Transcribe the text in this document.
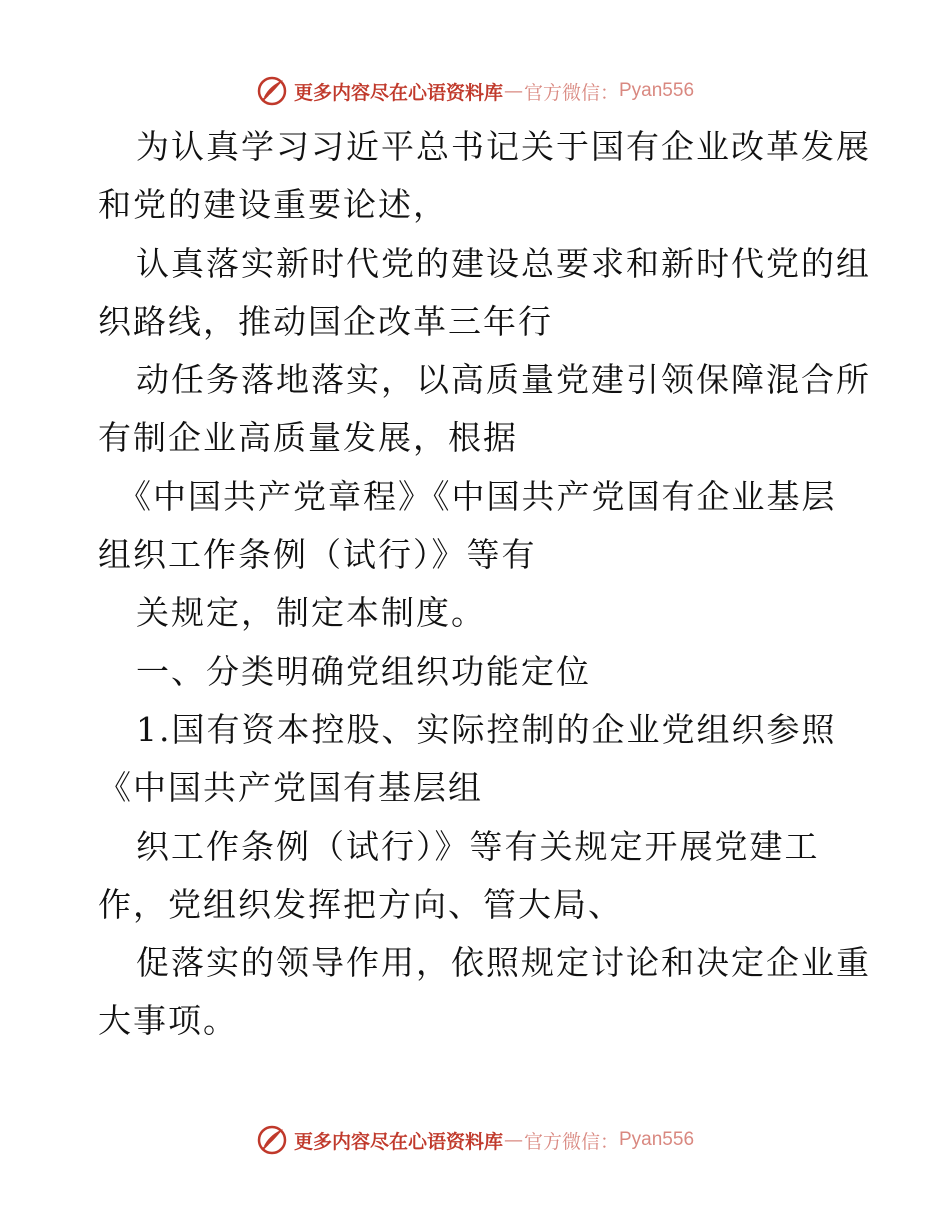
更多内容尽在心语资料库 — 官方微信： Pyan556
为认真学习习近平总书记关于国有企业改革发展
和党的建设重要论述，
认真落实新时代党的建设总要求和新时代党的组
织路线，推动国企改革三年行
动任务落地落实，以高质量党建引领保障混合所
有制企业高质量发展，根据
《中国共产党章程》《中国共产党国有企业基层
组织工作条例（试行）》等有
关规定，制定本制度。
一、分类明确党组织功能定位
1.国有资本控股、实际控制的企业党组织参照
《中国共产党国有基层组
织工作条例（试行）》等有关规定开展党建工
作，党组织发挥把方向、管大局、
促落实的领导作用，依照规定讨论和决定企业重
大事项。
更多内容尽在心语资料库 — 官方微信： Pyan556
